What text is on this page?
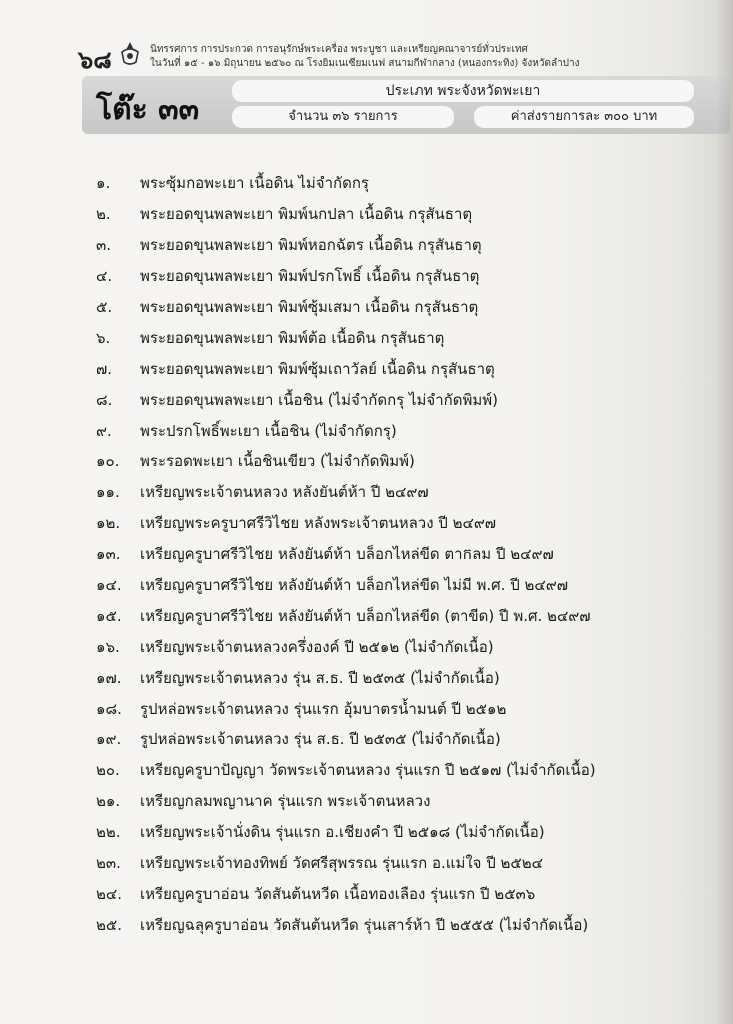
๖๘	นิทรรศการ การประกวด การอนุรักษ์พระเครื่อง พระบูชา และเหรียญคณาจารย์ทั่วประเทศ
ในวันที่ ๑๕ - ๑๖ มิถุนายน ๒๕๖๐ ณ โรงยิมเนเซียมเนฟ สนามกีฬากลาง (หนองกระทิง) จังหวัดลำปาง
โต๊ะ ๓๓
ประเภท พระจังหวัดพะเยา
จำนวน ๓๖ รายการ	ค่าส่งรายการละ ๓๐๐ บาท
๑.	พระซุ้มกอพะเยา เนื้อดิน ไม่จำกัดกรุ
๒.	พระยอดขุนพลพะเยา พิมพ์นกปลา เนื้อดิน กรุสันธาตุ
๓.	พระยอดขุนพลพะเยา พิมพ์หอกฉัตร เนื้อดิน กรุสันธาตุ
๔.	พระยอดขุนพลพะเยา พิมพ์ปรกโพธิ์ เนื้อดิน กรุสันธาตุ
๕.	พระยอดขุนพลพะเยา พิมพ์ซุ้มเสมา เนื้อดิน กรุสันธาตุ
๖.	พระยอดขุนพลพะเยา พิมพ์ต้อ เนื้อดิน กรุสันธาตุ
๗.	พระยอดขุนพลพะเยา พิมพ์ซุ้มเถาวัลย์ เนื้อดิน กรุสันธาตุ
๘.	พระยอดขุนพลพะเยา เนื้อชิน (ไม่จำกัดกรุ ไม่จำกัดพิมพ์)
๙.	พระปรกโพธิ์พะเยา เนื้อชิน (ไม่จำกัดกรุ)
๑๐.	พระรอดพะเยา เนื้อชินเขียว (ไม่จำกัดพิมพ์)
๑๑.	เหรียญพระเจ้าตนหลวง หลังยันต์ห้า ปี ๒๔๙๗
๑๒.	เหรียญพระครูบาศรีวิไชย หลังพระเจ้าตนหลวง ปี ๒๔๙๗
๑๓.	เหรียญครูบาศรีวิไชย หลังยันต์ห้า บล็อกไหล่ขีด ตาកลม ปี ๒๔๙๗
๑๔.	เหรียญครูบาศรีวิไชย หลังยันต์ห้า บล็อกไหล่ขีด ไม่มี พ.ศ. ปี ๒๔๙๗
๑๕.	เหรียญครูบาศรีวิไชย หลังยันต์ห้า บล็อกไหล่ขีด (ตาขีด) ปี พ.ศ. ๒๔๙๗
๑๖.	เหรียญพระเจ้าตนหลวงครึ่งองค์ ปี ๒๕๑๒ (ไม่จำกัดเนื้อ)
๑๗.	เหรียญพระเจ้าตนหลวง รุ่น ส.ธ. ปี ๒๕๓๕ (ไม่จำกัดเนื้อ)
๑๘.	รูปหล่อพระเจ้าตนหลวง รุ่นแรก อุ้มบาตรน้ำมนต์ ปี ๒๕๑๒
๑๙.	รูปหล่อพระเจ้าตนหลวง รุ่น ส.ธ. ปี ๒๕๓๕ (ไม่จำกัดเนื้อ)
๒๐.	เหรียญครูบาปัญญา วัดพระเจ้าตนหลวง รุ่นแรก ปี ๒๕๑๗ (ไม่จำกัดเนื้อ)
๒๑.	เหรียญกลมพญานาค รุ่นแรก พระเจ้าตนหลวง
๒๒.	เหรียญพระเจ้านั่งดิน รุ่นแรก อ.เชียงคำ ปี ๒๕๑๘ (ไม่จำกัดเนื้อ)
๒๓.	เหรียญพระเจ้าทองทิพย์ วัดศรีสุพรรณ รุ่นแรก อ.แม่ใจ ปี ๒๕๒๔
๒๔.	เหรียญครูบาอ่อน วัดสันต้นหวีด เนื้อทองเลือง รุ่นแรก ปี ๒๕๓๖
๒๕.	เหรียญฉลุครูบาอ่อน วัดสันต้นหวีด รุ่นเสาร์ห้า ปี ๒๕๕๕ (ไม่จำกัดเนื้อ)
